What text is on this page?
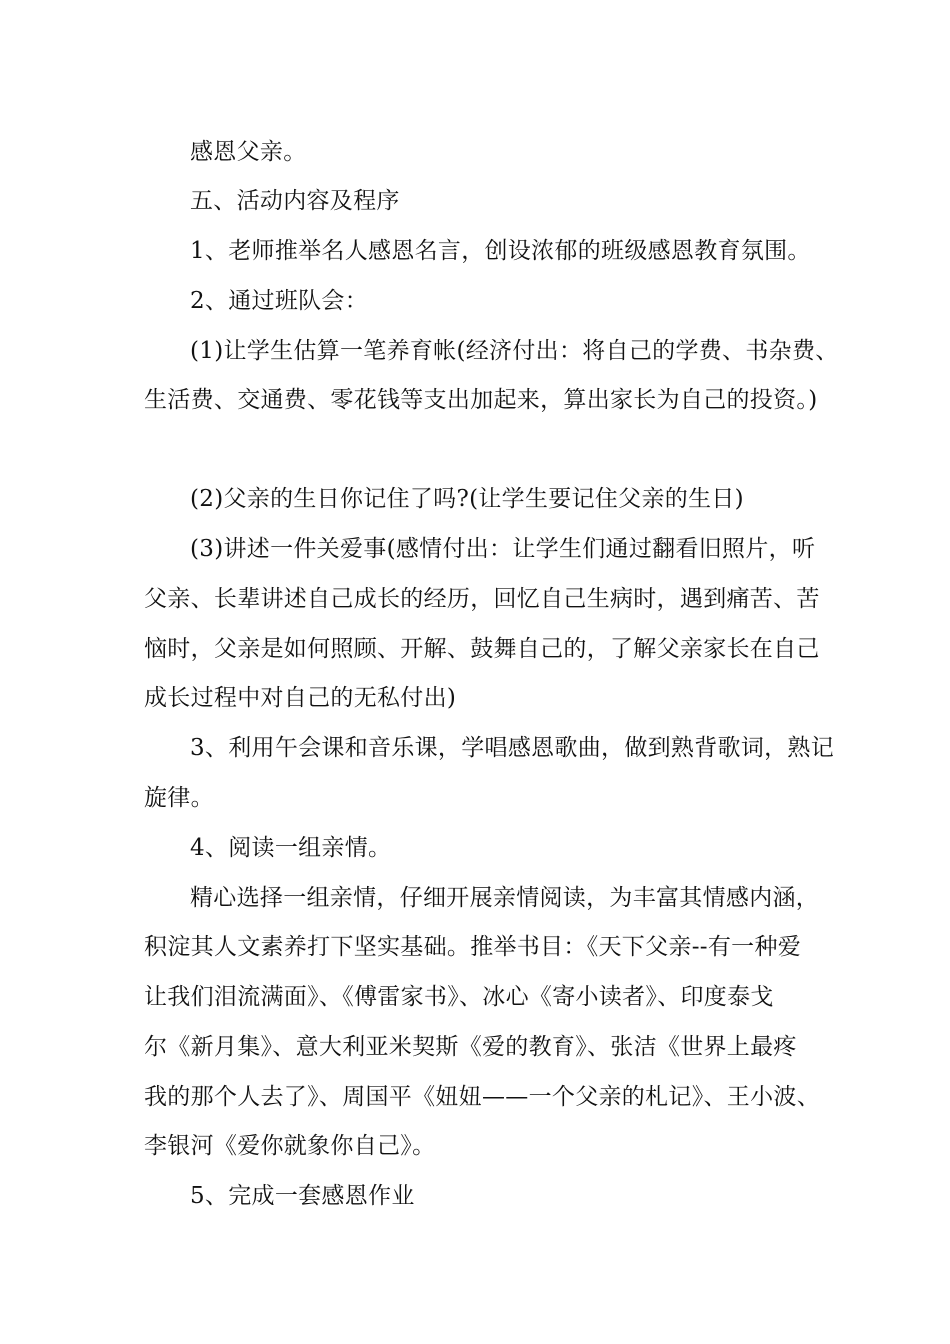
感恩父亲。
五、活动内容及程序
1、老师推举名人感恩名言，创设浓郁的班级感恩教育氛围。
2、通过班队会：
(1)让学生估算一笔养育帐(经济付出：将自己的学费、书杂费、
生活费、交通费、零花钱等支出加起来，算出家长为自己的投资。)
(2)父亲的生日你记住了吗?(让学生要记住父亲的生日)
(3)讲述一件关爱事(感情付出：让学生们通过翻看旧照片，听
父亲、长辈讲述自己成长的经历，回忆自己生病时，遇到痛苦、苦
恼时，父亲是如何照顾、开解、鼓舞自己的，了解父亲家长在自己
成长过程中对自己的无私付出)
3、利用午会课和音乐课，学唱感恩歌曲，做到熟背歌词，熟记
旋律。
4、阅读一组亲情。
精心选择一组亲情，仔细开展亲情阅读，为丰富其情感内涵，
积淀其人文素养打下坚实基础。推举书目：《天下父亲--有一种爱
让我们泪流满面》、《傅雷家书》、冰心《寄小读者》、印度泰戈
尔《新月集》、意大利亚米契斯《爱的教育》、张洁《世界上最疼
我的那个人去了》、周国平《妞妞——一个父亲的札记》、王小波、
李银河《爱你就象你自己》。
5、完成一套感恩作业
